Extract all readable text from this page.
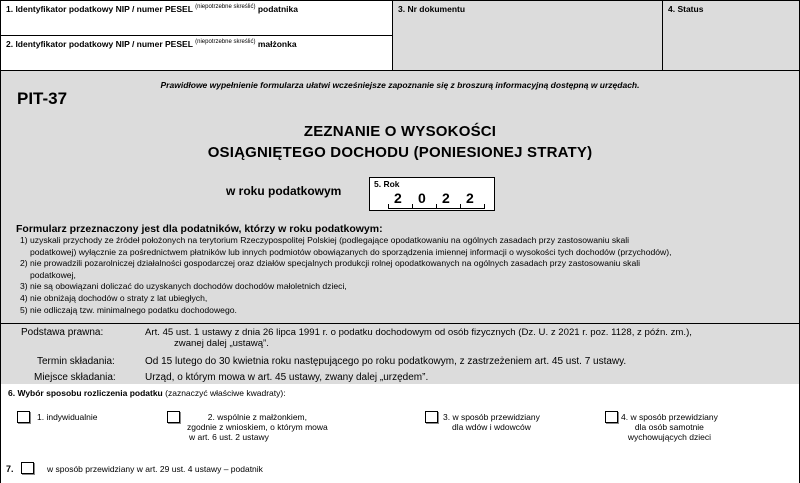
1. Identyfikator podatkowy NIP / numer PESEL $^{(niepotrzebne skreślić)}$ podatnika
2. Identyfikator podatkowy NIP / numer PESEL $^{(niepotrzebne skreślić)}$ małżonka
3. Nr dokumentu	4. Status
Prawidłowe wypełnienie formularza ułatwi wcześniejsze zapoznanie się z broszurą informacyjną dostępną w urzędach.
PIT-37
ZEZNANIE O WYSOKOŚCI
OSIĄGNIĘTEGO DOCHODU (PONIESIONEJ STRATY)
w roku podatkowym	5. Rok
2 0 2 2
Formularz przeznaczony jest dla podatników, którzy w roku podatkowym:
1) uzyskali przychody ze źródeł położonych na terytorium Rzeczypospolitej Polskiej (podlegające opodatkowaniu na ogólnych zasadach przy zastosowaniu skali
podatkowej) wyłącznie za pośrednictwem płatników lub innych podmiotów obowiązanych do sporządzenia imiennej informacji o wysokości tych dochodów (przychodów),
2) nie prowadzili pozarolniczej działalności gospodarczej oraz działów specjalnych produkcji rolnej opodatkowanych na ogólnych zasadach przy zastosowaniu skali
podatkowej,
3) nie są obowiązani doliczać do uzyskanych dochodów dochodów małoletnich dzieci,
4) nie obniżają dochodów o straty z lat ubiegłych,
5) nie odliczają tzw. minimalnego podatku dochodowego.
Podstawa prawna:	Art. 45 ust. 1 ustawy z dnia 26 lipca 1991 r. o podatku dochodowym od osób fizycznych (Dz. U. z 2021 r. poz. 1128, z późn. zm.),
zwanej dalej „ustawą”.
Termin składania:	Od 15 lutego do 30 kwietnia roku następującego po roku podatkowym, z zastrzeżeniem art. 45 ust. 7 ustawy.
Miejsce składania:	Urząd, o którym mowa w art. 45 ustawy, zwany dalej „urzędem”.
6. Wybór sposobu rozliczenia podatku (zaznaczyć właściwe kwadraty):
1. indywidualnie	2. wspólnie z małżonkiem,
zgodnie z wnioskiem, o którym mowa
w art. 6 ust. 2 ustawy
3. w sposób przewidziany
dla wdów i wdowców
4. w sposób przewidziany
dla osób samotnie
wychowujących dzieci
7.	w sposób przewidziany w art. 29 ust. 4 ustawy – podatnik
